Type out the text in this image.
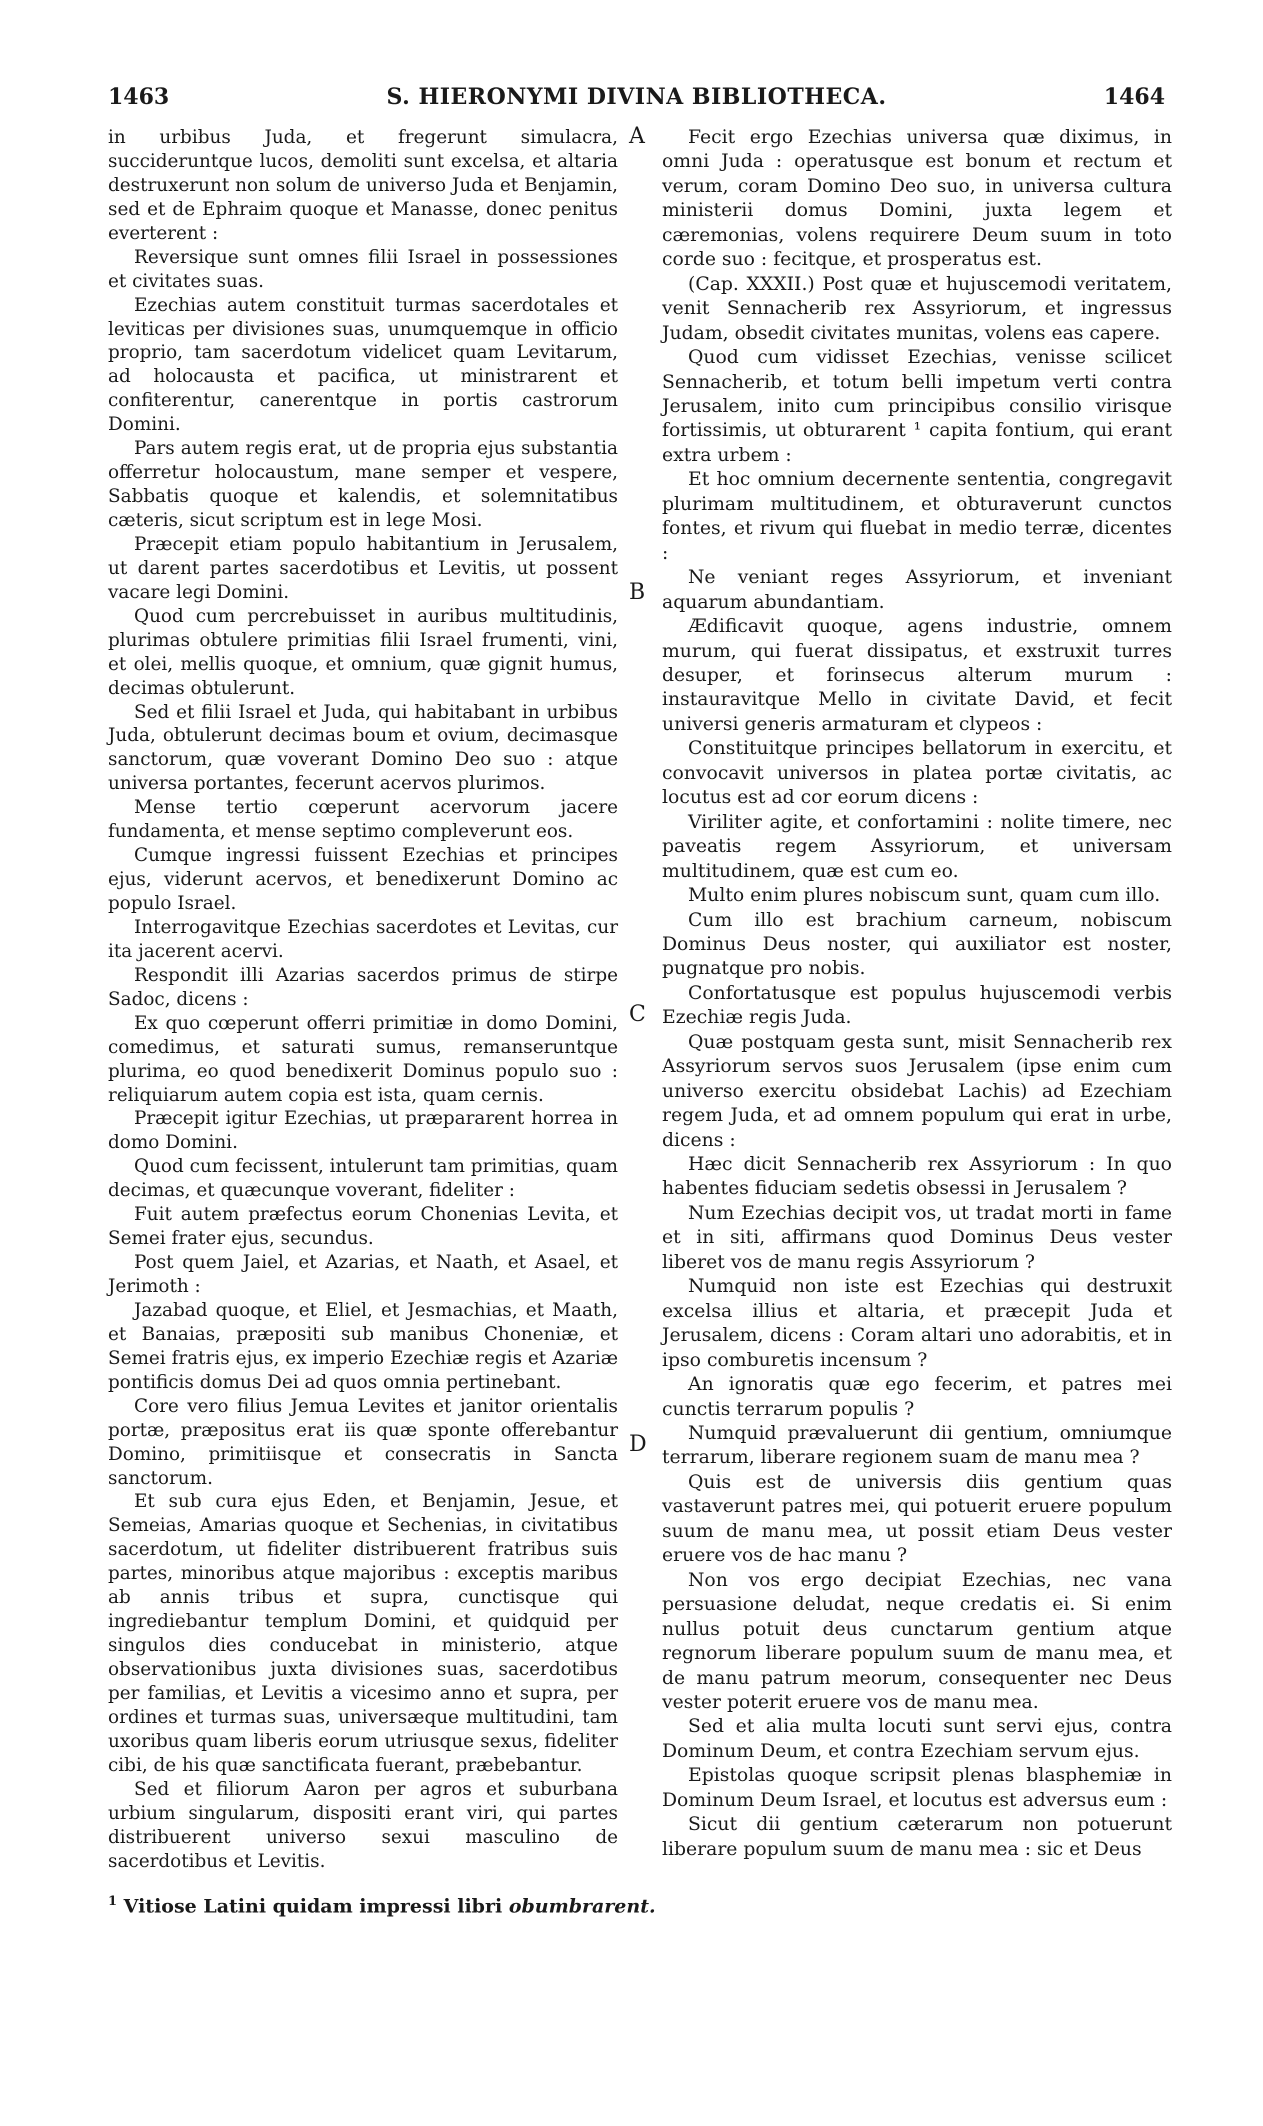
1463	S. HIERONYMI DIVINA BIBLIOTHECA.	1464

in urbibus Juda, et fregerunt simulacra, succideruntque lucos, demoliti sunt excelsa, et altaria destruxerunt non solum de universo Juda et Benjamin, sed et de Ephraim quoque et Manasse, donec penitus everterent :

Reversique sunt omnes filii Israel in possessiones et civitates suas.

Ezechias autem constituit turmas sacerdotales et leviticas per divisiones suas, unumquemque in officio proprio, tam sacerdotum videlicet quam Levitarum, ad holocausta et pacifica, ut ministrarent et confiterentur, canerentque in portis castrorum Domini.

Pars autem regis erat, ut de propria ejus substantia offerretur holocaustum, mane semper et vespere, Sabbatis quoque et kalendis, et solemnitatibus cæteris, sicut scriptum est in lege Mosi.

Præcepit etiam populo habitantium in Jerusalem, ut darent partes sacerdotibus et Levitis, ut possent vacare legi Domini.

Quod cum percrebuisset in auribus multitudinis, plurimas obtulere primitias filii Israel frumenti, vini, et olei, mellis quoque, et omnium, quæ gignit humus, decimas obtulerunt.

Sed et filii Israel et Juda, qui habitabant in urbibus Juda, obtulerunt decimas boum et ovium, decimasque sanctorum, quæ voverant Domino Deo suo : atque universa portantes, fecerunt acervos plurimos.

Mense tertio cœperunt acervorum jacere fundamenta, et mense septimo compleverunt eos.

Cumque ingressi fuissent Ezechias et principes ejus, viderunt acervos, et benedixerunt Domino ac populo Israel.

Interrogavitque Ezechias sacerdotes et Levitas, cur ita jacerent acervi.

Respondit illi Azarias sacerdos primus de stirpe Sadoc, dicens :

Ex quo cœperunt offerri primitiæ in domo Domini, comedimus, et saturati sumus, remanseruntque plurima, eo quod benedixerit Dominus populo suo : reliquiarum autem copia est ista, quam cernis.

Præcepit igitur Ezechias, ut præpararent horrea in domo Domini.

Quod cum fecissent, intulerunt tam primitias, quam decimas, et quæcunque voverant, fideliter :

Fuit autem præfectus eorum Chonenias Levita, et Semei frater ejus, secundus.

Post quem Jaiel, et Azarias, et Naath, et Asael, et Jerimoth :

Jazabad quoque, et Eliel, et Jesmachias, et Maath, et Banaias, præpositi sub manibus Choneniæ, et Semei fratris ejus, ex imperio Ezechiæ regis et Azariæ pontificis domus Dei ad quos omnia pertinebant.

Core vero filius Jemua Levites et janitor orientalis portæ, præpositus erat iis quæ sponte offerebantur Domino, primitiisque et consecratis in Sancta sanctorum.

Et sub cura ejus Eden, et Benjamin, Jesue, et Semeias, Amarias quoque et Sechenias, in civitatibus sacerdotum, ut fideliter distribuerent fratribus suis partes, minoribus atque majoribus : exceptis maribus ab annis tribus et supra, cunctisque qui ingrediebantur templum Domini, et quidquid per singulos dies conducebat in ministerio, atque observationibus juxta divisiones suas, sacerdotibus per familias, et Levitis a vicesimo anno et supra, per ordines et turmas suas, universæque multitudini, tam uxoribus quam liberis eorum utriusque sexus, fideliter cibi, de his quæ sanctificata fuerant, præbebantur.

Sed et filiorum Aaron per agros et suburbana urbium singularum, dispositi erant viri, qui partes distribuerent universo sexui masculino de sacerdotibus et Levitis.

A
B
C
D

Fecit ergo Ezechias universa quæ diximus, in omni Juda : operatusque est bonum et rectum et verum, coram Domino Deo suo, in universa cultura ministerii domus Domini, juxta legem et cæremonias, volens requirere Deum suum in toto corde suo : fecitque, et prosperatus est.

(Cap. XXXII.) Post quæ et hujuscemodi veritatem, venit Sennacherib rex Assyriorum, et ingressus Judam, obsedit civitates munitas, volens eas capere.

Quod cum vidisset Ezechias, venisse scilicet Sennacherib, et totum belli impetum verti contra Jerusalem, inito cum principibus consilio virisque fortissimis, ut obturarent ¹ capita fontium, qui erant extra urbem :

Et hoc omnium decernente sententia, congregavit plurimam multitudinem, et obturaverunt cunctos fontes, et rivum qui fluebat in medio terræ, dicentes :

Ne veniant reges Assyriorum, et inveniant aquarum abundantiam.

Ædificavit quoque, agens industrie, omnem murum, qui fuerat dissipatus, et exstruxit turres desuper, et forinsecus alterum murum : instauravitque Mello in civitate David, et fecit universi generis armaturam et clypeos :

Constituitque principes bellatorum in exercitu, et convocavit universos in platea portæ civitatis, ac locutus est ad cor eorum dicens :

Viriliter agite, et confortamini : nolite timere, nec paveatis regem Assyriorum, et universam multitudinem, quæ est cum eo.

Multo enim plures nobiscum sunt, quam cum illo.

Cum illo est brachium carneum, nobiscum Dominus Deus noster, qui auxiliator est noster, pugnatque pro nobis.

Confortatusque est populus hujuscemodi verbis Ezechiæ regis Juda.

Quæ postquam gesta sunt, misit Sennacherib rex Assyriorum servos suos Jerusalem (ipse enim cum universo exercitu obsidebat Lachis) ad Ezechiam regem Juda, et ad omnem populum qui erat in urbe, dicens :

Hæc dicit Sennacherib rex Assyriorum : In quo habentes fiduciam sedetis obsessi in Jerusalem ?

Num Ezechias decipit vos, ut tradat morti in fame et in siti, affirmans quod Dominus Deus vester liberet vos de manu regis Assyriorum ?

Numquid non iste est Ezechias qui destruxit excelsa illius et altaria, et præcepit Juda et Jerusalem, dicens : Coram altari uno adorabitis, et in ipso comburetis incensum ?

An ignoratis quæ ego fecerim, et patres mei cunctis terrarum populis ?

Numquid prævaluerunt dii gentium, omniumque terrarum, liberare regionem suam de manu mea ?

Quis est de universis diis gentium quas vastaverunt patres mei, qui potuerit eruere populum suum de manu mea, ut possit etiam Deus vester eruere vos de hac manu ?

Non vos ergo decipiat Ezechias, nec vana persuasione deludat, neque credatis ei. Si enim nullus potuit deus cunctarum gentium atque regnorum liberare populum suum de manu mea, et de manu patrum meorum, consequenter nec Deus vester poterit eruere vos de manu mea.

Sed et alia multa locuti sunt servi ejus, contra Dominum Deum, et contra Ezechiam servum ejus.

Epistolas quoque scripsit plenas blasphemiæ in Dominum Deum Israel, et locutus est adversus eum :

Sicut dii gentium cæterarum non potuerunt liberare populum suum de manu mea : sic et Deus

$^1$ Vitiose Latini quidam impressi libri obumbrarent.
